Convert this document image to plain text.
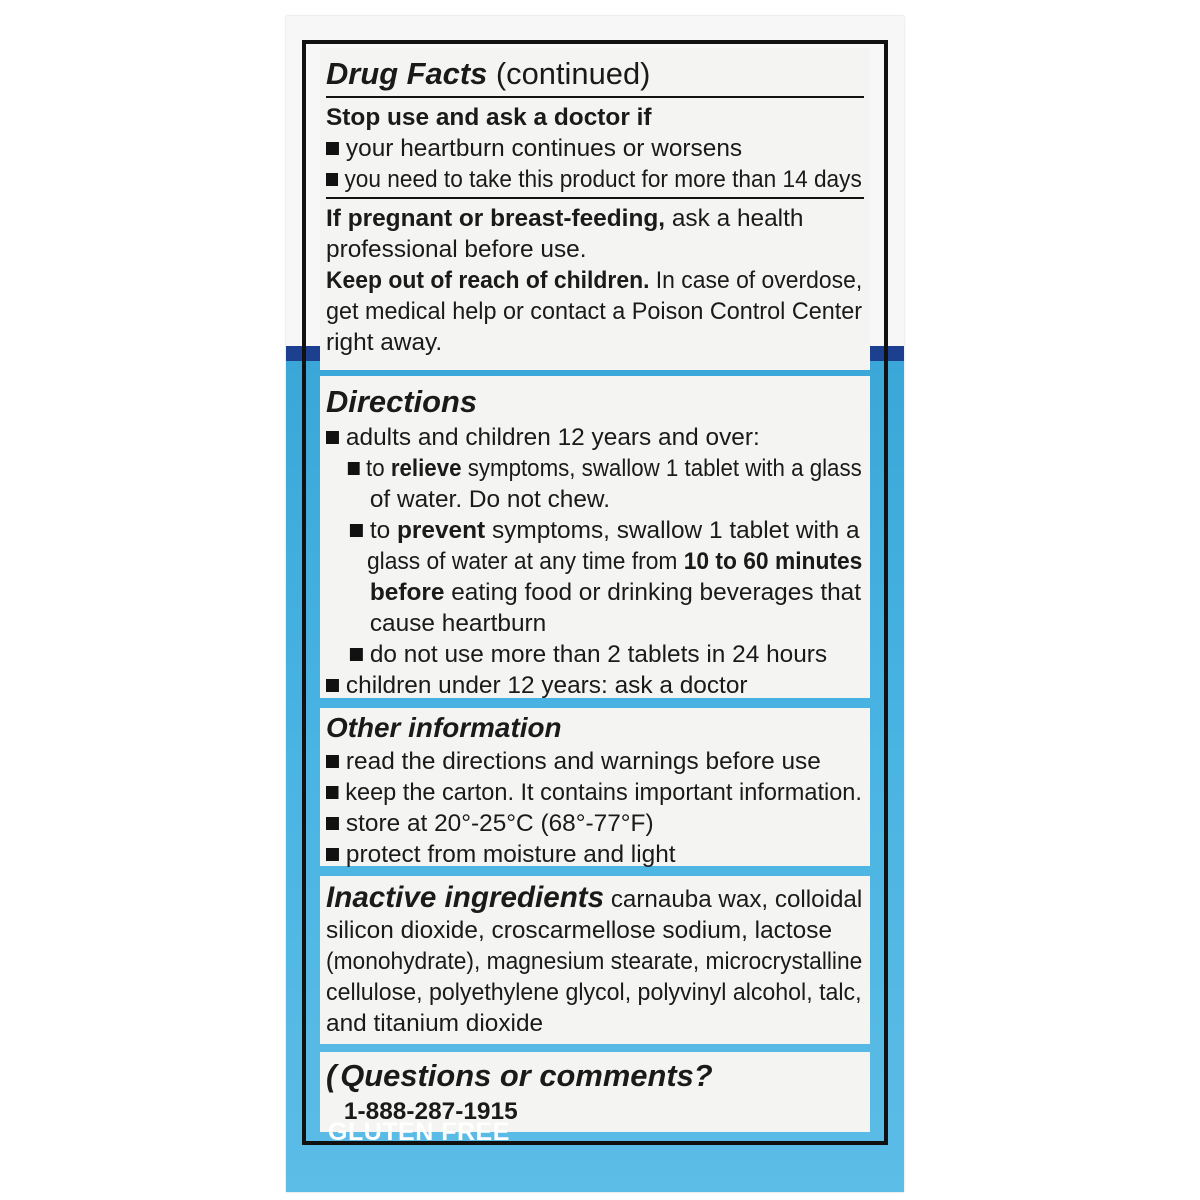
Drug Facts (continued)
Stop use and ask a doctor if
your heartburn continues or worsens
you need to take this product for more than 14 days
If pregnant or breast-feeding, ask a health
professional before use.
Keep out of reach of children. In case of overdose,
get medical help or contact a Poison Control Center
right away.
Directions
adults and children 12 years and over:
to relieve symptoms, swallow 1 tablet with a glass
of water. Do not chew.
to prevent symptoms, swallow 1 tablet with a
glass of water at any time from 10 to 60 minutes
before eating food or drinking beverages that
cause heartburn
do not use more than 2 tablets in 24 hours
children under 12 years: ask a doctor
Other information
read the directions and warnings before use
keep the carton. It contains important information.
store at 20°-25°C (68°-77°F)
protect from moisture and light
Inactive ingredients carnauba wax, colloidal
silicon dioxide, croscarmellose sodium, lactose
(monohydrate), magnesium stearate, microcrystalline
cellulose, polyethylene glycol, polyvinyl alcohol, talc,
and titanium dioxide
( Questions or comments?
1-888-287-1915
GLUTEN FREE
